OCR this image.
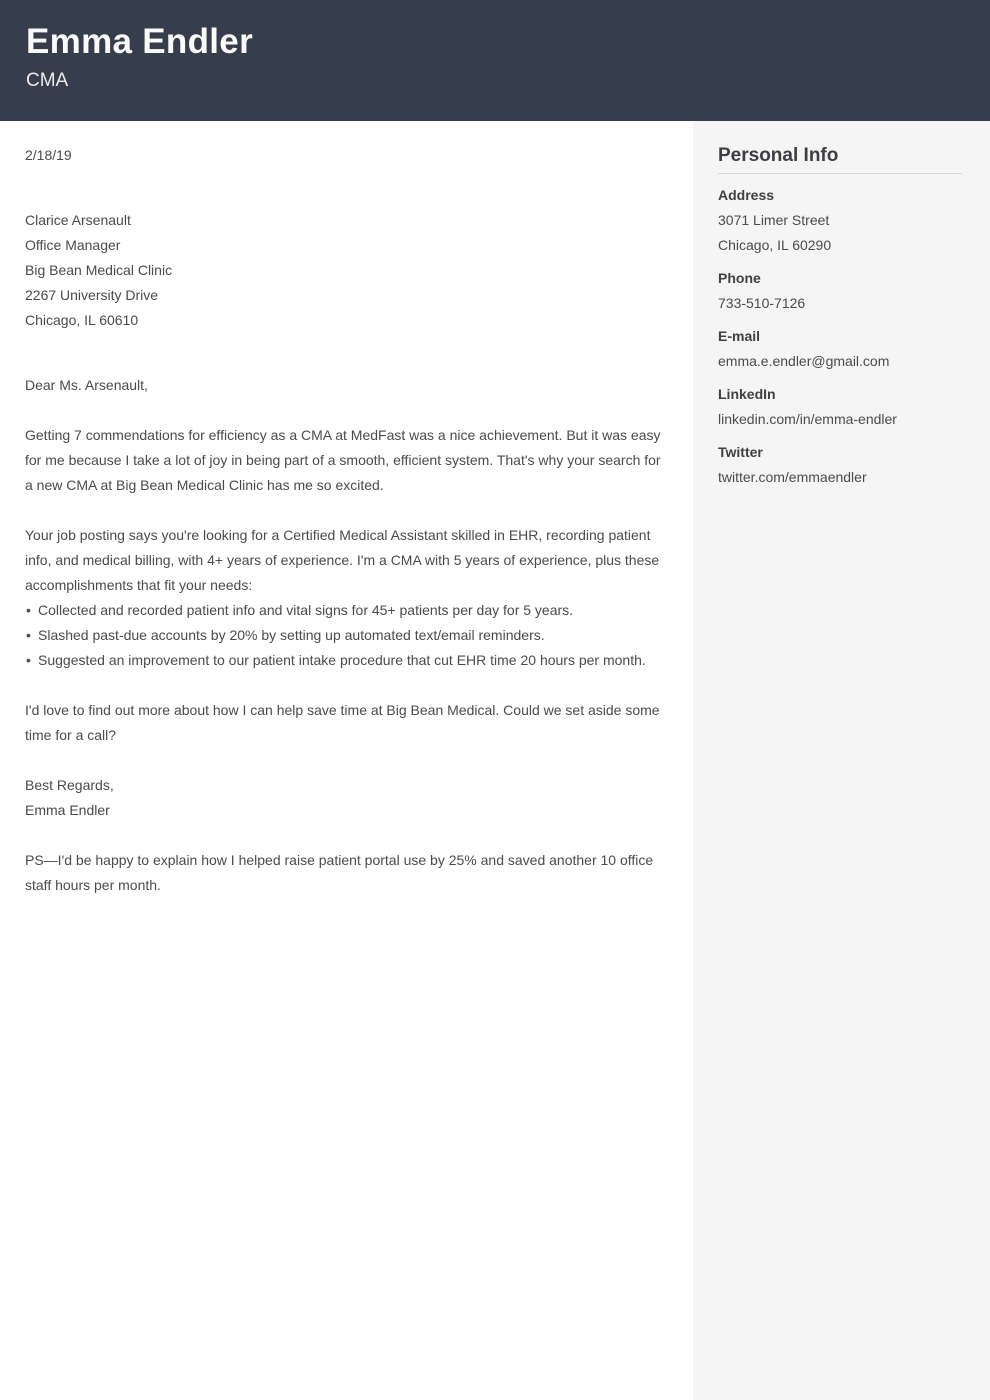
Emma Endler
CMA

2/18/19

Clarice Arsenault

Office Manager

Big Bean Medical Clinic

2267 University Drive

Chicago, IL 60610

Dear Ms. Arsenault,

Getting 7 commendations for efficiency as a CMA at MedFast was a nice achievement. But it was easy for me because I take a lot of joy in being part of a smooth, efficient system. That's why your search for a new CMA at Big Bean Medical Clinic has me so excited.

Your job posting says you're looking for a Certified Medical Assistant skilled in EHR, recording patient info, and medical billing, with 4+ years of experience. I'm a CMA with 5 years of experience, plus these accomplishments that fit your needs:

• Collected and recorded patient info and vital signs for 45+ patients per day for 5 years.
• Slashed past-due accounts by 20% by setting up automated text/email reminders.
• Suggested an improvement to our patient intake procedure that cut EHR time 20 hours per month.

I'd love to find out more about how I can help save time at Big Bean Medical. Could we set aside some time for a call?

Best Regards,

Emma Endler

PS—I'd be happy to explain how I helped raise patient portal use by 25% and saved another 10 office staff hours per month.

Personal Info
Address
3071 Limer Street
Chicago, IL 60290
Phone
733-510-7126
E-mail
emma.e.endler@gmail.com
LinkedIn
linkedin.com/in/emma-endler
Twitter
twitter.com/emmaendler
